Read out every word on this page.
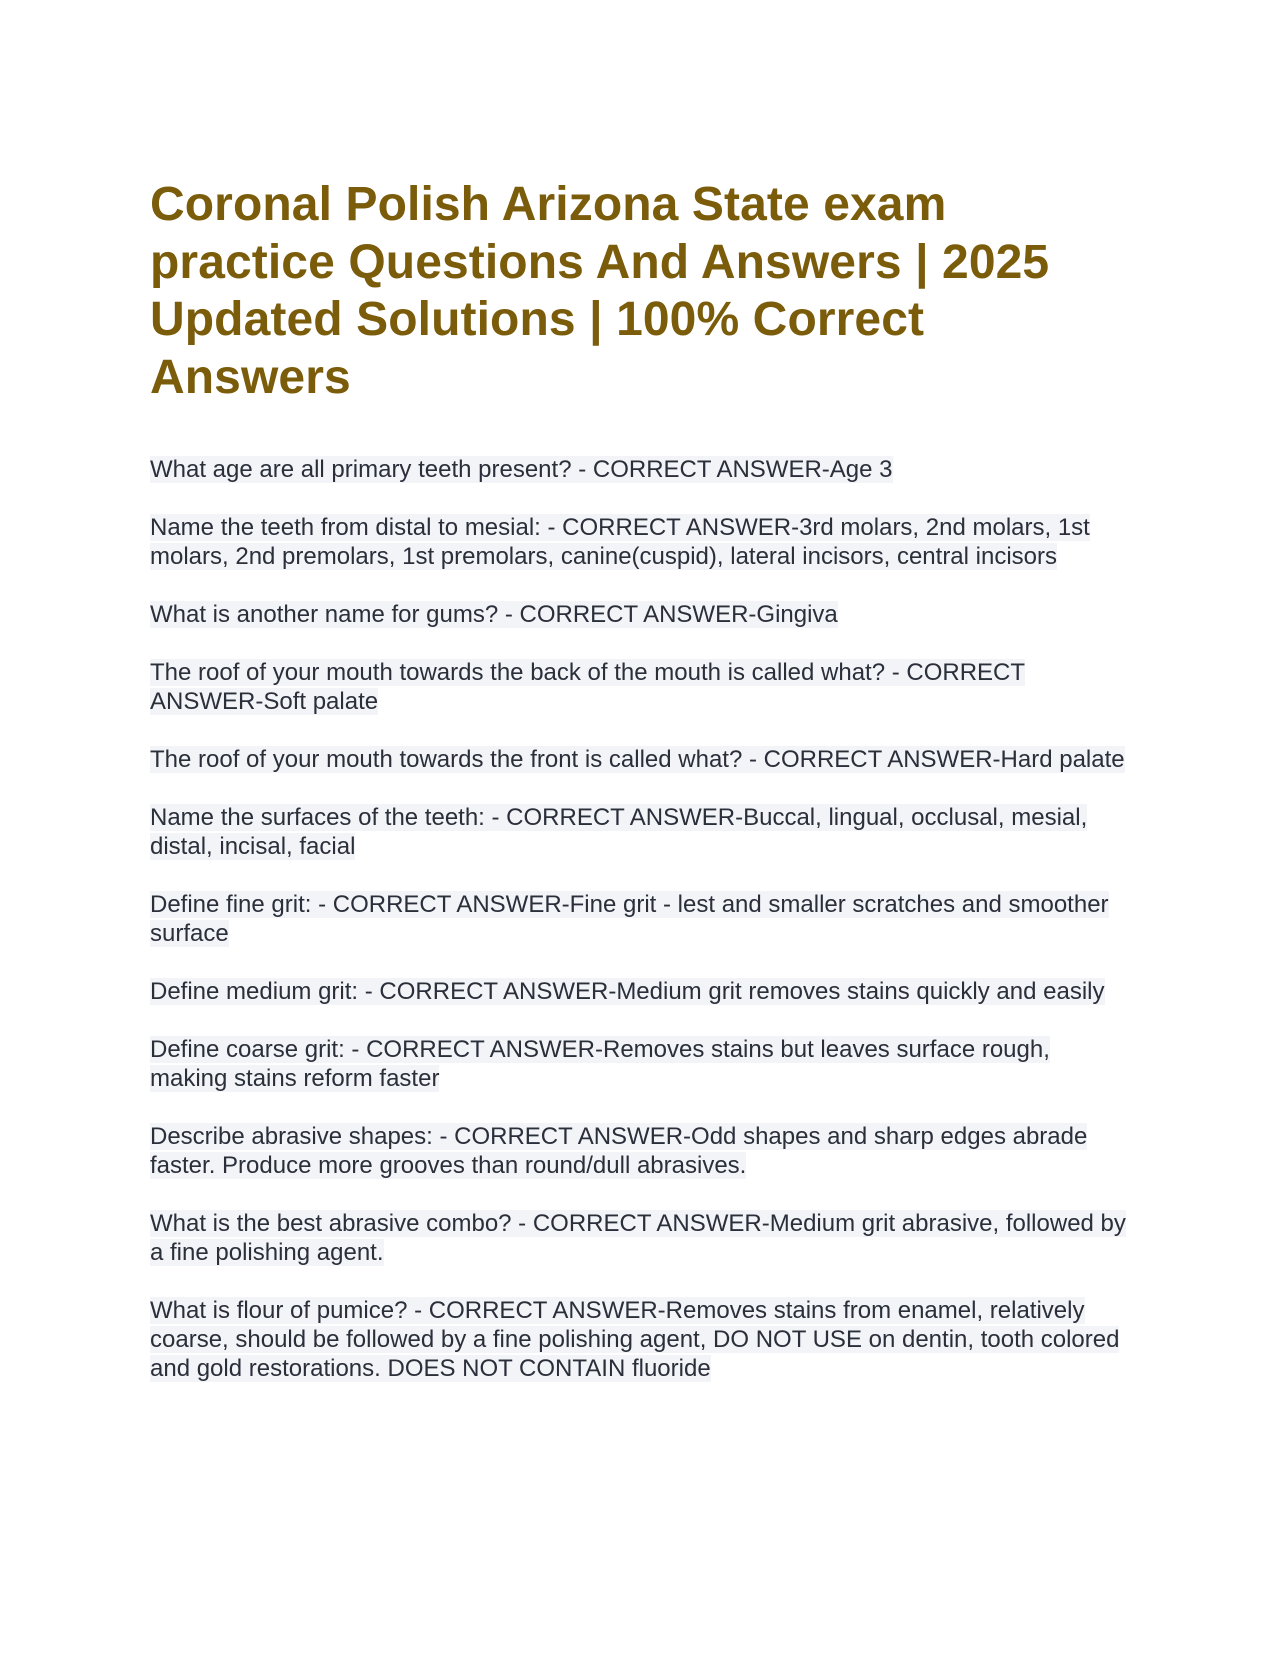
Coronal Polish Arizona State exam practice Questions And Answers | 2025 Updated Solutions | 100% Correct Answers

What age are all primary teeth present? - CORRECT ANSWER-Age 3

Name the teeth from distal to mesial: - CORRECT ANSWER-3rd molars, 2nd molars, 1st molars, 2nd premolars, 1st premolars, canine(cuspid), lateral incisors, central incisors

What is another name for gums? - CORRECT ANSWER-Gingiva

The roof of your mouth towards the back of the mouth is called what? - CORRECT ANSWER-Soft palate

The roof of your mouth towards the front is called what? - CORRECT ANSWER-Hard palate

Name the surfaces of the teeth: - CORRECT ANSWER-Buccal, lingual, occlusal, mesial, distal, incisal, facial

Define fine grit: - CORRECT ANSWER-Fine grit - lest and smaller scratches and smoother surface

Define medium grit: - CORRECT ANSWER-Medium grit removes stains quickly and easily

Define coarse grit: - CORRECT ANSWER-Removes stains but leaves surface rough, making stains reform faster

Describe abrasive shapes: - CORRECT ANSWER-Odd shapes and sharp edges abrade faster. Produce more grooves than round/dull abrasives.

What is the best abrasive combo? - CORRECT ANSWER-Medium grit abrasive, followed by a fine polishing agent.

What is flour of pumice? - CORRECT ANSWER-Removes stains from enamel, relatively coarse, should be followed by a fine polishing agent, DO NOT USE on dentin, tooth colored and gold restorations. DOES NOT CONTAIN fluoride
